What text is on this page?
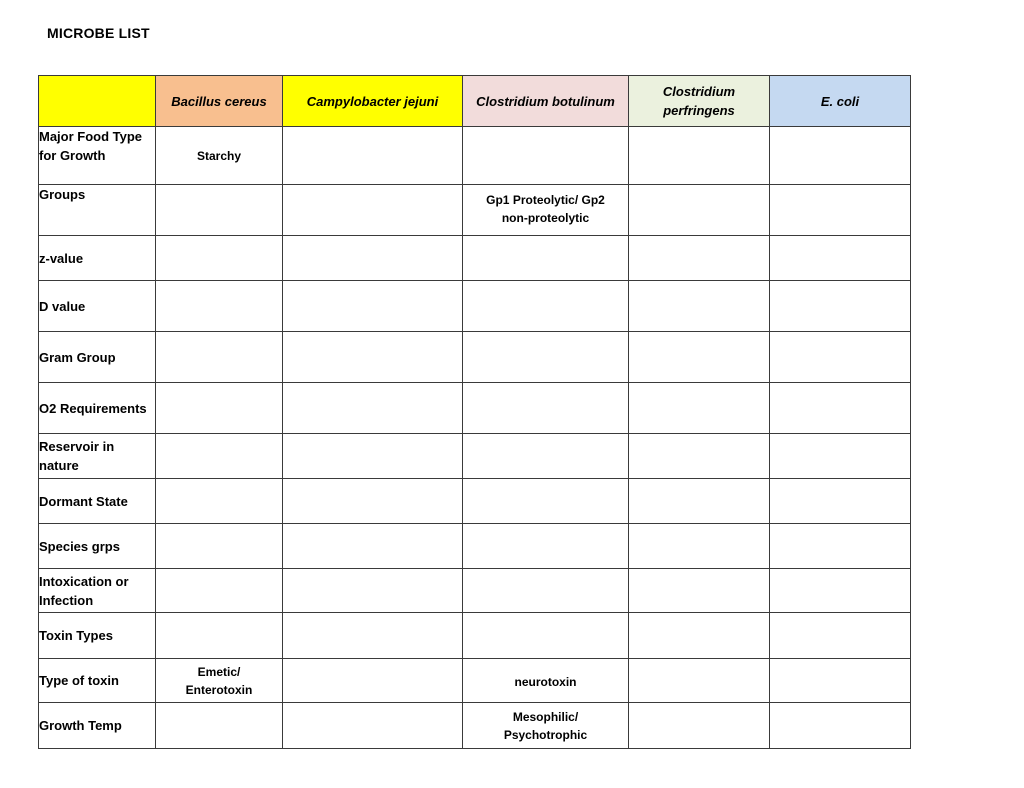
MICROBE LIST
	Bacillus cereus	Campylobacter jejuni	Clostridium botulinum	Clostridium
perfringens	E. coli
Major Food Type for Growth	Starchy				
Groups			Gp1 Proteolytic/ Gp2
non-proteolytic		
z-value					
D value					
Gram Group					
O2 Requirements					
Reservoir in nature					
Dormant State					
Species grps					
Intoxication or Infection					
Toxin Types					
Type of toxin	Emetic/
Enterotoxin		neurotoxin		
Growth Temp			Mesophilic/
Psychotrophic		
